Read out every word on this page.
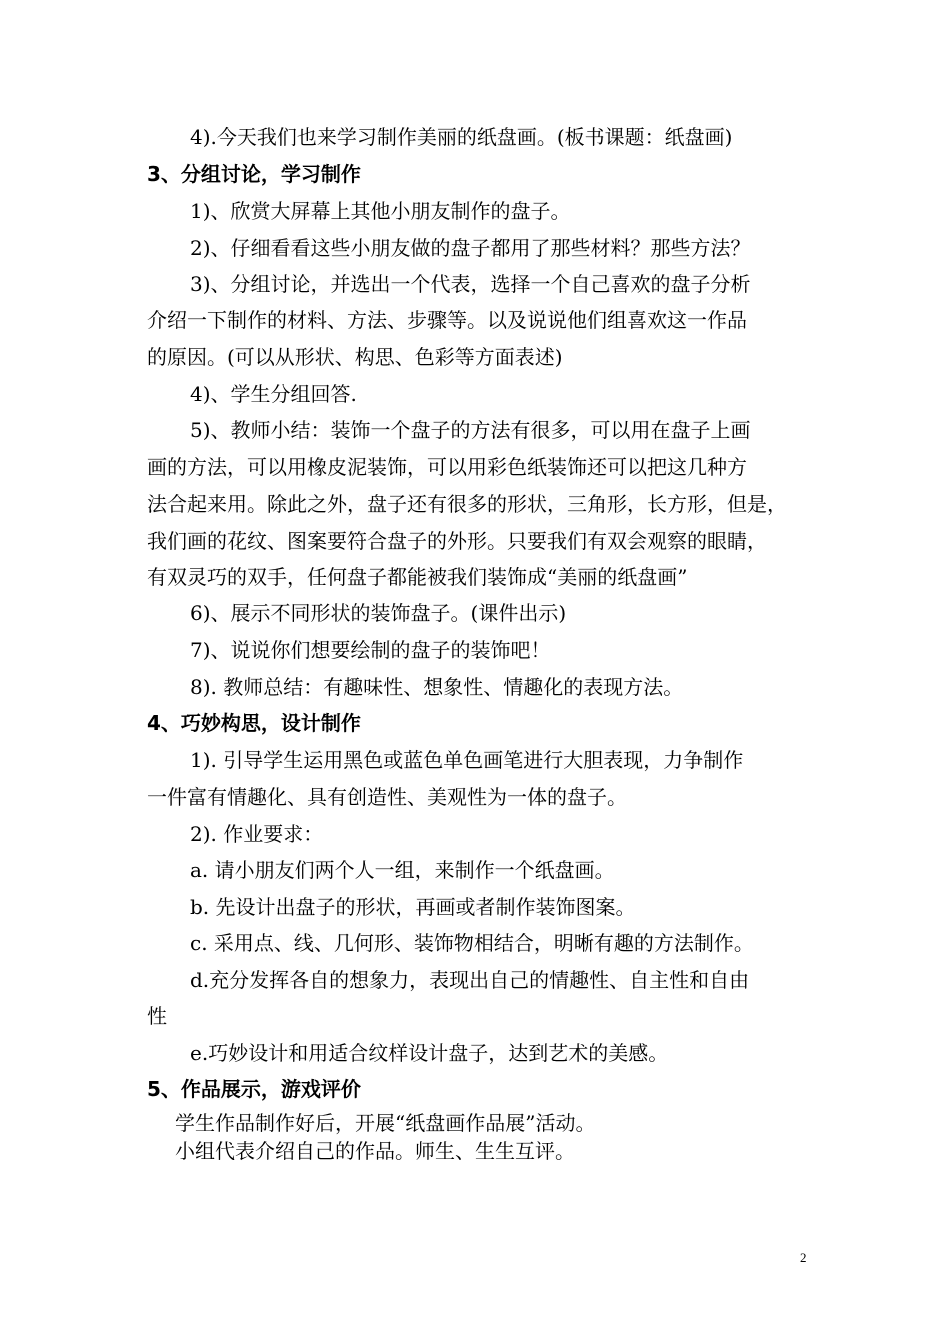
4).今天我们也来学习制作美丽的纸盘画。(板书课题：纸盘画)
3、分组讨论，学习制作
1)、欣赏大屏幕上其他小朋友制作的盘子。
2)、仔细看看这些小朋友做的盘子都用了那些材料？那些方法？
3)、分组讨论，并选出一个代表，选择一个自己喜欢的盘子分析
介绍一下制作的材料、方法、步骤等。以及说说他们组喜欢这一作品
的原因。(可以从形状、构思、色彩等方面表述)
4)、学生分组回答.
5)、教师小结：装饰一个盘子的方法有很多，可以用在盘子上画
画的方法，可以用橡皮泥装饰，可以用彩色纸装饰还可以把这几种方
法合起来用。除此之外，盘子还有很多的形状，三角形，长方形，但是，
我们画的花纹、图案要符合盘子的外形。只要我们有双会观察的眼睛，
有双灵巧的双手，任何盘子都能被我们装饰成“美丽的纸盘画”
6)、展示不同形状的装饰盘子。(课件出示)
7)、说说你们想要绘制的盘子的装饰吧！
8). 教师总结：有趣味性、想象性、情趣化的表现方法。
4、巧妙构思，设计制作
1). 引导学生运用黑色或蓝色单色画笔进行大胆表现，力争制作
一件富有情趣化、具有创造性、美观性为一体的盘子。
2). 作业要求：
a. 请小朋友们两个人一组，来制作一个纸盘画。
b. 先设计出盘子的形状，再画或者制作装饰图案。
c. 采用点、线、几何形、装饰物相结合，明晰有趣的方法制作。
d.充分发挥各自的想象力，表现出自己的情趣性、自主性和自由
性
e.巧妙设计和用适合纹样设计盘子，达到艺术的美感。
5、作品展示，游戏评价
学生作品制作好后，开展“纸盘画作品展”活动。
小组代表介绍自己的作品。师生、生生互评。
2
